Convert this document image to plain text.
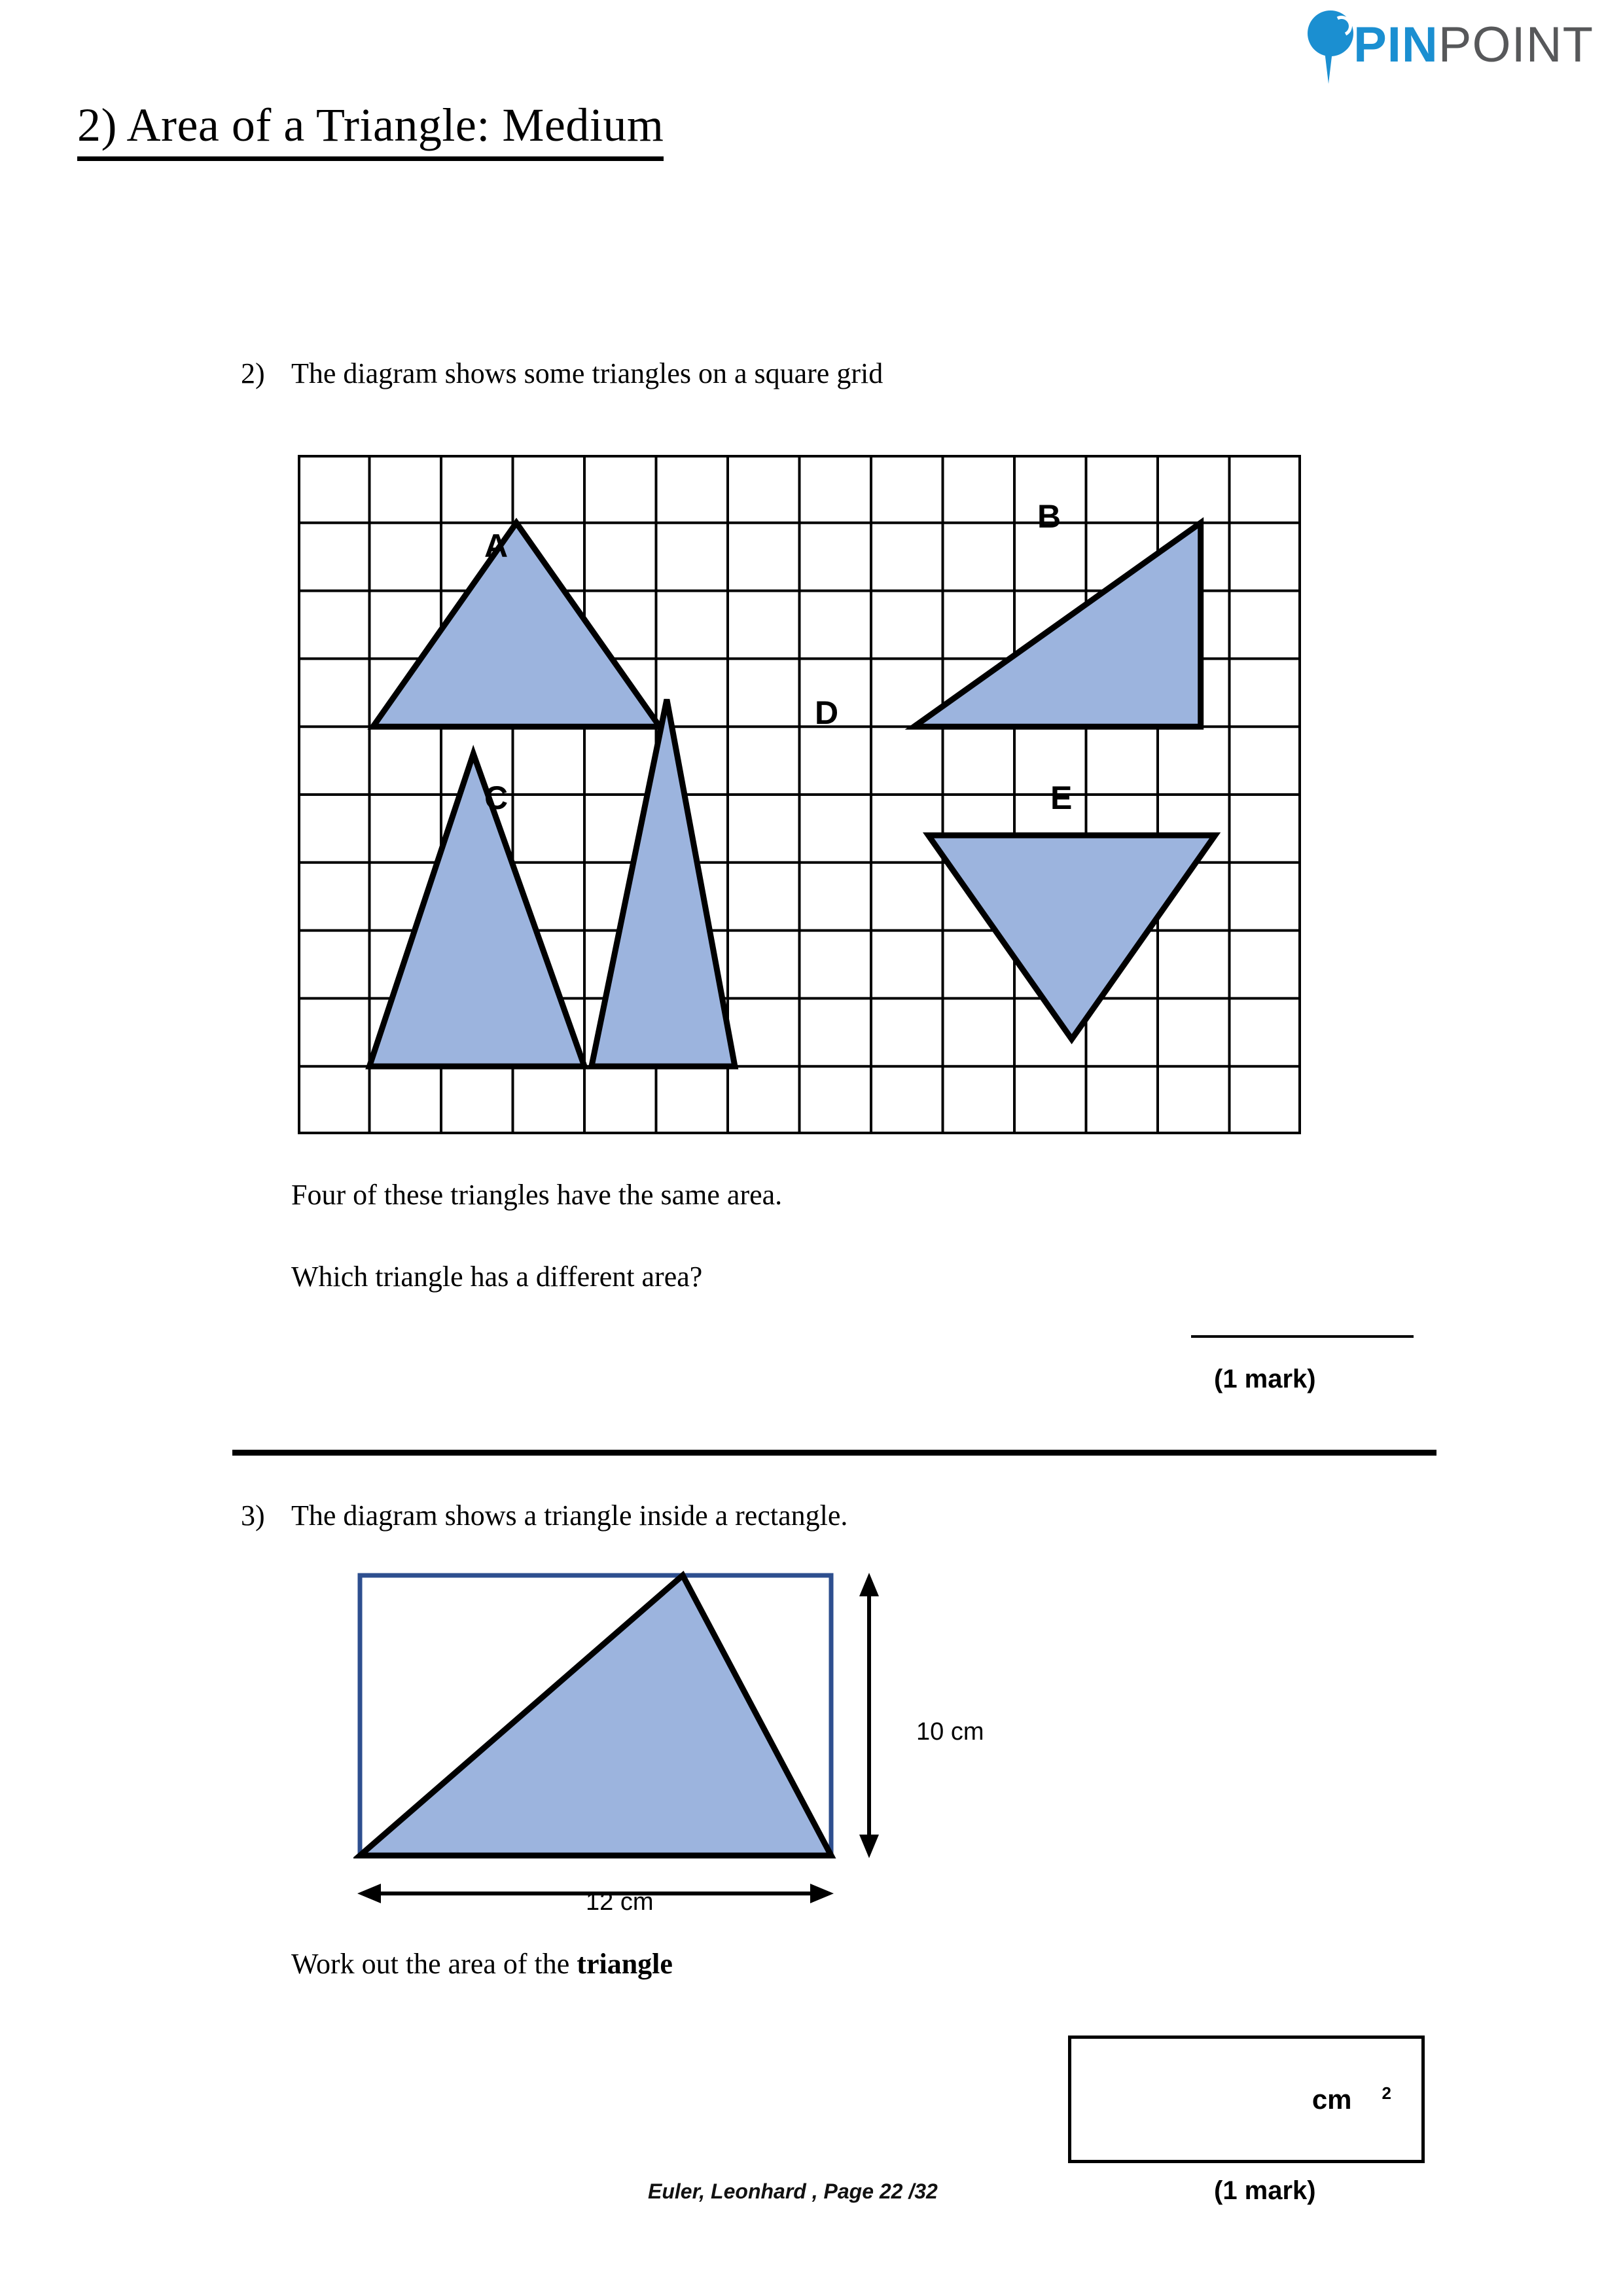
PINPOINT
2) Area of a Triangle: Medium
2) The diagram shows some triangles on a square grid
Four of these triangles have the same area.
Which triangle has a different area?
(1 mark)
3) The diagram shows a triangle inside a rectangle.
10 cm
12 cm
Work out the area of the triangle
cm $^2$
(1 mark)
Euler, Leonhard , Page 22 /32
A
B
C
D
E
